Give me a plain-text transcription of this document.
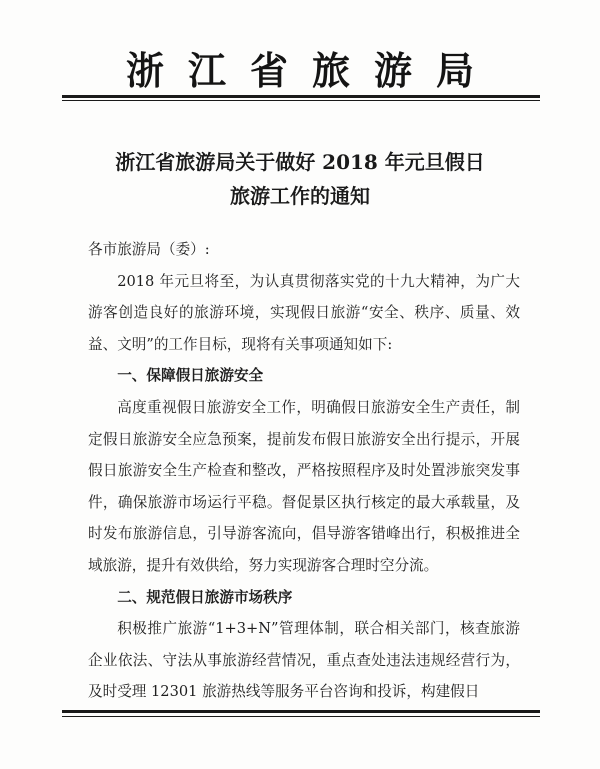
浙江省旅游局
浙江省旅游局关于做好 2018 年元旦假日
旅游工作的通知

各市旅游局（委）:

2018 年元旦将至，为认真贯彻落实党的十九大精神，为广大游客创造良好的旅游环境，实现假日旅游“安全、秩序、质量、效益、文明”的工作目标，现将有关事项通知如下:

一、保障假日旅游安全

高度重视假日旅游安全工作，明确假日旅游安全生产责任，制定假日旅游安全应急预案，提前发布假日旅游安全出行提示，开展假日旅游安全生产检查和整改，严格按照程序及时处置涉旅突发事件，确保旅游市场运行平稳。督促景区执行核定的最大承载量，及时发布旅游信息，引导游客流向，倡导游客错峰出行，积极推进全域旅游，提升有效供给，努力实现游客合理时空分流。

二、规范假日旅游市场秩序

积极推广旅游“1+3+N”管理体制，联合相关部门，核查旅游企业依法、守法从事旅游经营情况，重点查处违法违规经营行为，及时受理 12301 旅游热线等服务平台咨询和投诉，构建假日
